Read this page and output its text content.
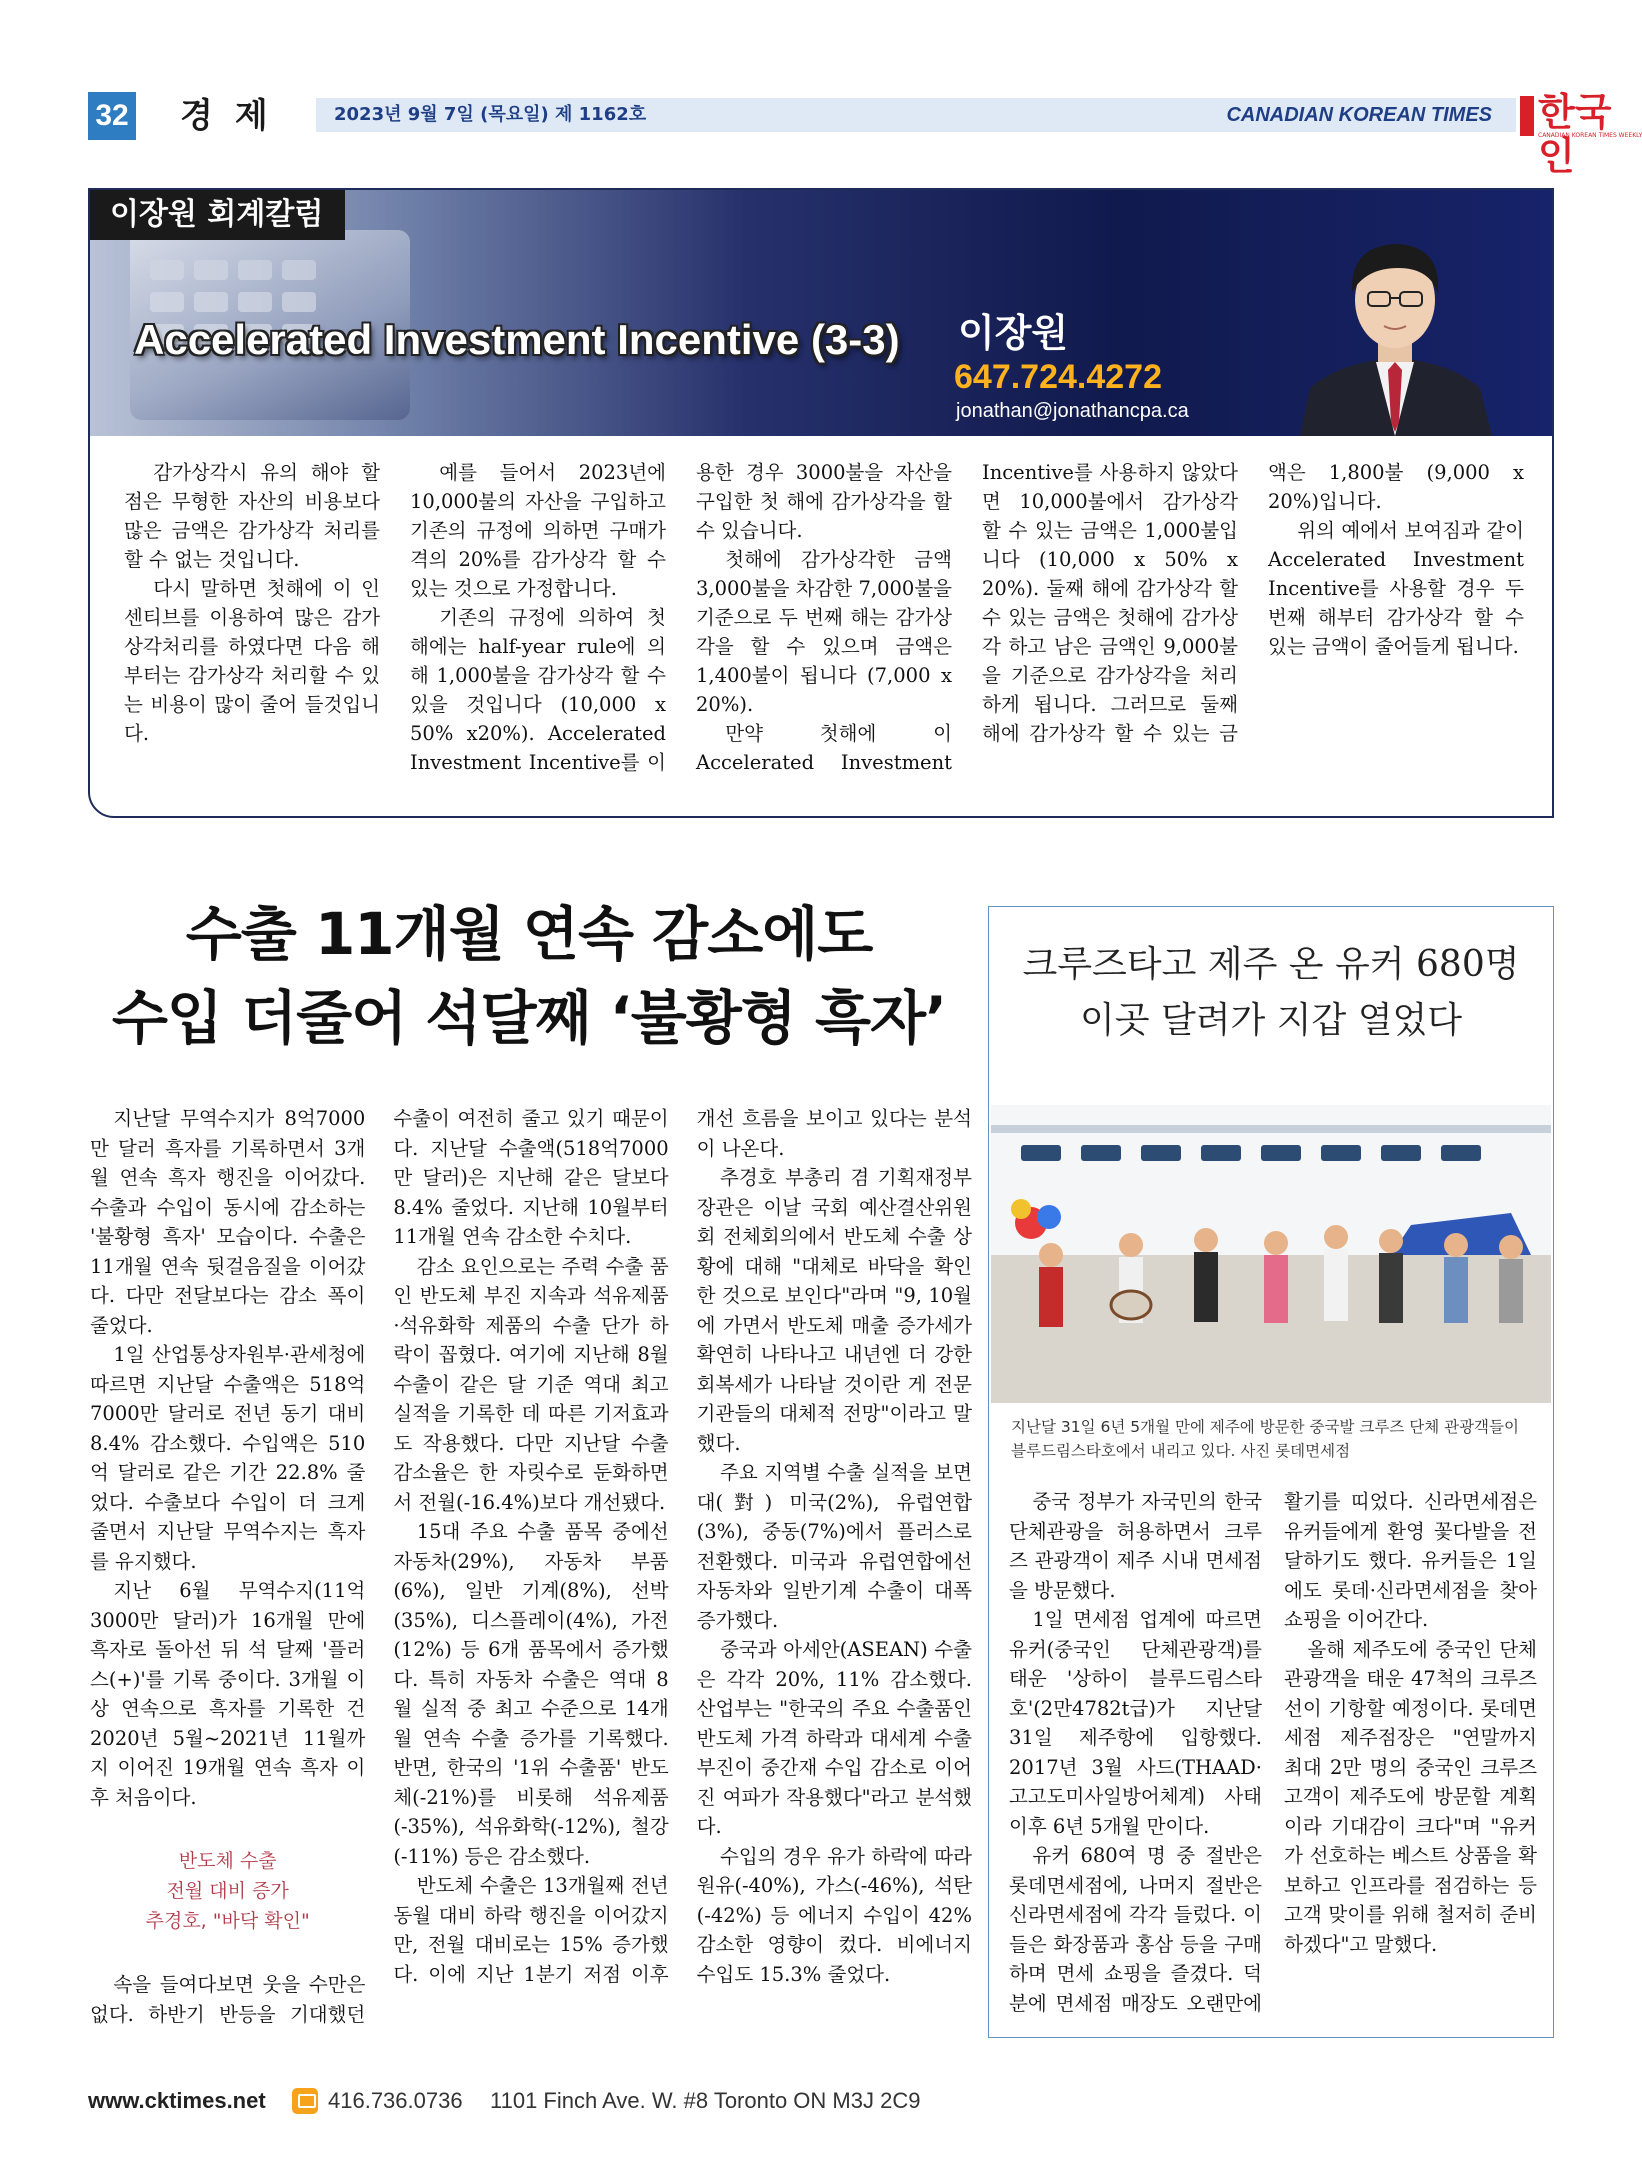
32 경제 2023년 9월 7일 (목요일) 제 1162호	CANADIAN KOREAN TIMES 한국인
CANADIAN KOREAN TIMES WEEKLY
이장원 회계칼럼
Accelerated Investment Incentive (3-3) 이장원
647.724.4272
jonathan@jonathancpa.ca

감가상각시 유의 해야 할 점은 무형한 자산의 비용보다 많은 금액은 감가상각 처리를 할 수 없는 것입니다.

다시 말하면 첫해에 이 인센티브를 이용하여 많은 감가상각처리를 하였다면 다음 해 부터는 감가상각 처리할 수 있는 비용이 많이 줄어 들것입니다.

예를 들어서 2023년에 10,000불의 자산을 구입하고 기존의 규정에 의하면 구매가격의 20%를 감가상각 할 수 있는 것으로 가정합니다.

기존의 규정에 의하여 첫 해에는 half-year rule에 의해 1,000불을 감가상각 할 수 있을 것입니다 (10,000 x 50% x20%). Accelerated Investment Incentive를 이용한 경우 3000불을 자산을 구입한 첫 해에 감가상각을 할 수 있습니다.

첫해에 감가상각한 금액 3,000불을 차감한 7,000불을 기준으로 두 번째 해는 감가상각을 할 수 있으며 금액은 1,400불이 됩니다 (7,000 x 20%).

만약 첫해에 이 Accelerated Investment Incentive를 사용하지 않았다면 10,000불에서 감가상각 할 수 있는 금액은 1,000불입니다 (10,000 x 50% x 20%). 둘째 해에 감가상각 할 수 있는 금액은 첫해에 감가상각 하고 남은 금액인 9,000불을 기준으로 감가상각을 처리하게 됩니다. 그러므로 둘째 해에 감가상각 할 수 있는 금액은 1,800불 (9,000 x 20%)입니다.

위의 예에서 보여짐과 같이 Accelerated Investment Incentive를 사용할 경우 두 번째 해부터 감가상각 할 수 있는 금액이 줄어들게 됩니다.

수출 11개월 연속 감소에도
수입 더줄어 석달째 ‘불황형 흑자’

지난달 무역수지가 8억7000만 달러 흑자를 기록하면서 3개월 연속 흑자 행진을 이어갔다. 수출과 수입이 동시에 감소하는 '불황형 흑자' 모습이다. 수출은 11개월 연속 뒷걸음질을 이어갔다. 다만 전달보다는 감소 폭이 줄었다.

1일 산업통상자원부·관세청에 따르면 지난달 수출액은 518억7000만 달러로 전년 동기 대비 8.4% 감소했다. 수입액은 510억 달러로 같은 기간 22.8% 줄었다. 수출보다 수입이 더 크게 줄면서 지난달 무역수지는 흑자를 유지했다.

지난 6월 무역수지(11억3000만 달러)가 16개월 만에 흑자로 돌아선 뒤 석 달째 '플러스(+)'를 기록 중이다. 3개월 이상 연속으로 흑자를 기록한 건 2020년 5월~2021년 11월까지 이어진 19개월 연속 흑자 이후 처음이다.

반도체 수출
전월 대비 증가
추경호, "바닥 확인"

속을 들여다보면 웃을 수만은 없다. 하반기 반등을 기대했던 수출이 여전히 줄고 있기 때문이다. 지난달 수출액(518억7000만 달러)은 지난해 같은 달보다 8.4% 줄었다. 지난해 10월부터 11개월 연속 감소한 수치다.

감소 요인으로는 주력 수출 품인 반도체 부진 지속과 석유제품·석유화학 제품의 수출 단가 하락이 꼽혔다. 여기에 지난해 8월 수출이 같은 달 기준 역대 최고 실적을 기록한 데 따른 기저효과도 작용했다. 다만 지난달 수출 감소율은 한 자릿수로 둔화하면서 전월(-16.4%)보다 개선됐다.

15대 주요 수출 품목 중에선 자동차(29%), 자동차 부품(6%), 일반 기계(8%), 선박(35%), 디스플레이(4%), 가전(12%) 등 6개 품목에서 증가했다. 특히 자동차 수출은 역대 8월 실적 중 최고 수준으로 14개월 연속 수출 증가를 기록했다. 반면, 한국의 '1위 수출품' 반도체(-21%)를 비롯해 석유제품(-35%), 석유화학(-12%), 철강(-11%) 등은 감소했다.

반도체 수출은 13개월째 전년 동월 대비 하락 행진을 이어갔지만, 전월 대비로는 15% 증가했다. 이에 지난 1분기 저점 이후 개선 흐름을 보이고 있다는 분석이 나온다.

추경호 부총리 겸 기획재정부 장관은 이날 국회 예산결산위원회 전체회의에서 반도체 수출 상황에 대해 "대체로 바닥을 확인한 것으로 보인다"라며 "9, 10월에 가면서 반도체 매출 증가세가 확연히 나타나고 내년엔 더 강한 회복세가 나타날 것이란 게 전문기관들의 대체적 전망"이라고 말했다.

주요 지역별 수출 실적을 보면 대(對) 미국(2%), 유럽연합(3%), 중동(7%)에서 플러스로 전환했다. 미국과 유럽연합에선 자동차와 일반기계 수출이 대폭 증가했다.

중국과 아세안(ASEAN) 수출은 각각 20%, 11% 감소했다. 산업부는 "한국의 주요 수출품인 반도체 가격 하락과 대세계 수출 부진이 중간재 수입 감소로 이어진 여파가 작용했다"라고 분석했다.

수입의 경우 유가 하락에 따라 원유(-40%), 가스(-46%), 석탄(-42%) 등 에너지 수입이 42% 감소한 영향이 컸다. 비에너지 수입도 15.3% 줄었다.

크루즈타고 제주 온 유커 680명
이곳 달려가 지갑 열었다
지난달 31일 6년 5개월 만에 제주에 방문한 중국발 크루즈 단체 관광객들이 블루드림스타호에서 내리고 있다. 사진 롯데면세점

중국 정부가 자국민의 한국 단체관광을 허용하면서 크루즈 관광객이 제주 시내 면세점을 방문했다.

1일 면세점 업계에 따르면 유커(중국인 단체관광객)를 태운 '상하이 블루드림스타호'(2만4782t급)가 지난달 31일 제주항에 입항했다. 2017년 3월 사드(THAAD·고고도미사일방어체계) 사태 이후 6년 5개월 만이다.

유커 680여 명 중 절반은 롯데면세점에, 나머지 절반은 신라면세점에 각각 들렀다. 이들은 화장품과 홍삼 등을 구매하며 면세 쇼핑을 즐겼다. 덕분에 면세점 매장도 오랜만에 활기를 띠었다. 신라면세점은 유커들에게 환영 꽃다발을 전달하기도 했다. 유커들은 1일에도 롯데·신라면세점을 찾아 쇼핑을 이어간다.

올해 제주도에 중국인 단체관광객을 태운 47척의 크루즈선이 기항할 예정이다. 롯데면세점 제주점장은 "연말까지 최대 2만 명의 중국인 크루즈 고객이 제주도에 방문할 계획이라 기대감이 크다"며 "유커가 선호하는 베스트 상품을 확보하고 인프라를 점검하는 등 고객 맞이를 위해 철저히 준비하겠다"고 말했다.

www.cktimes.net	416.736.0736 1101 Finch Ave. W. #8 Toronto ON M3J 2C9
